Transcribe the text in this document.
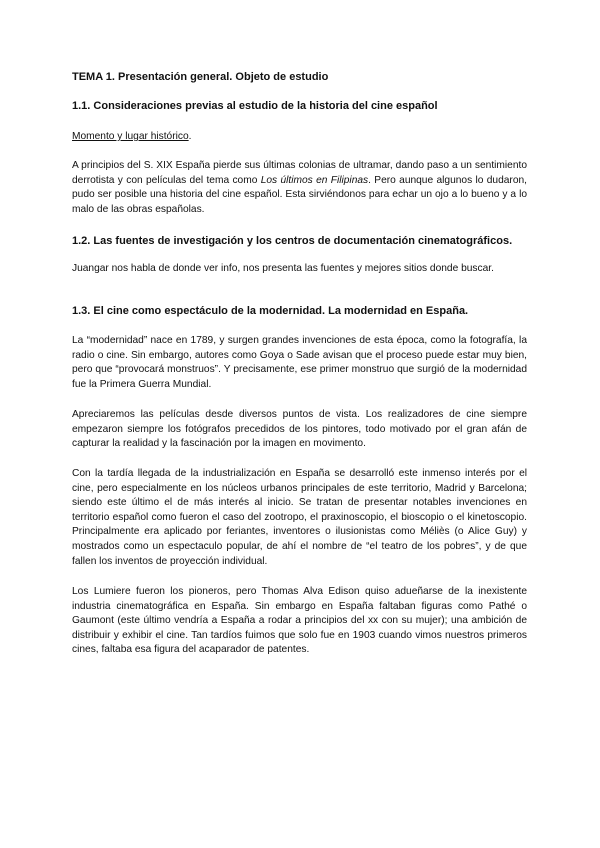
TEMA 1. Presentación general. Objeto de estudio

1.1. Consideraciones previas al estudio de la historia del cine español

Momento y lugar histórico.

A principios del S. XIX España pierde sus últimas colonias de ultramar, dando paso a un sentimiento derrotista y con películas del tema como Los últimos en Filipinas. Pero aunque algunos lo dudaron, pudo ser posible una historia del cine español. Esta sirviéndonos para echar un ojo a lo bueno y a lo malo de las obras españolas.

1.2. Las fuentes de investigación y los centros de documentación cinematográficos.

Juangar nos habla de donde ver info, nos presenta las fuentes y mejores sitios donde buscar.

1.3. El cine como espectáculo de la modernidad. La modernidad en España.

La “modernidad” nace en 1789, y surgen grandes invenciones de esta época, como la fotografía, la radio o cine. Sin embargo, autores como Goya o Sade avisan que el proceso puede estar muy bien, pero que “provocará monstruos”. Y precisamente, ese primer monstruo que surgió de la modernidad fue la Primera Guerra Mundial.

Apreciaremos las películas desde diversos puntos de vista. Los realizadores de cine siempre empezaron siempre los fotógrafos precedidos de los pintores, todo motivado por el gran afán de capturar la realidad y la fascinación por la imagen en movimento.

Con la tardía llegada de la industrialización en España se desarrolló este inmenso interés por el cine, pero especialmente en los núcleos urbanos principales de este territorio, Madrid y Barcelona; siendo este último el de más interés al inicio. Se tratan de presentar notables invenciones en territorio español como fueron el caso del zootropo, el praxinoscopio, el bioscopio o el kinetoscopio. Principalmente era aplicado por feriantes, inventores o ilusionistas como Méliès (o Alice Guy) y mostrados como un espectaculo popular, de ahí el nombre de “el teatro de los pobres”, y de que fallen los inventos de proyección individual.

Los Lumiere fueron los pioneros, pero Thomas Alva Edison quiso adueñarse de la inexistente industria cinematográfica en España. Sin embargo en España faltaban figuras como Pathé o Gaumont (este último vendría a España a rodar a principios del xx con su mujer); una ambición de distribuir y exhibir el cine. Tan tardíos fuimos que solo fue en 1903 cuando vimos nuestros primeros cines, faltaba esa figura del acaparador de patentes.
